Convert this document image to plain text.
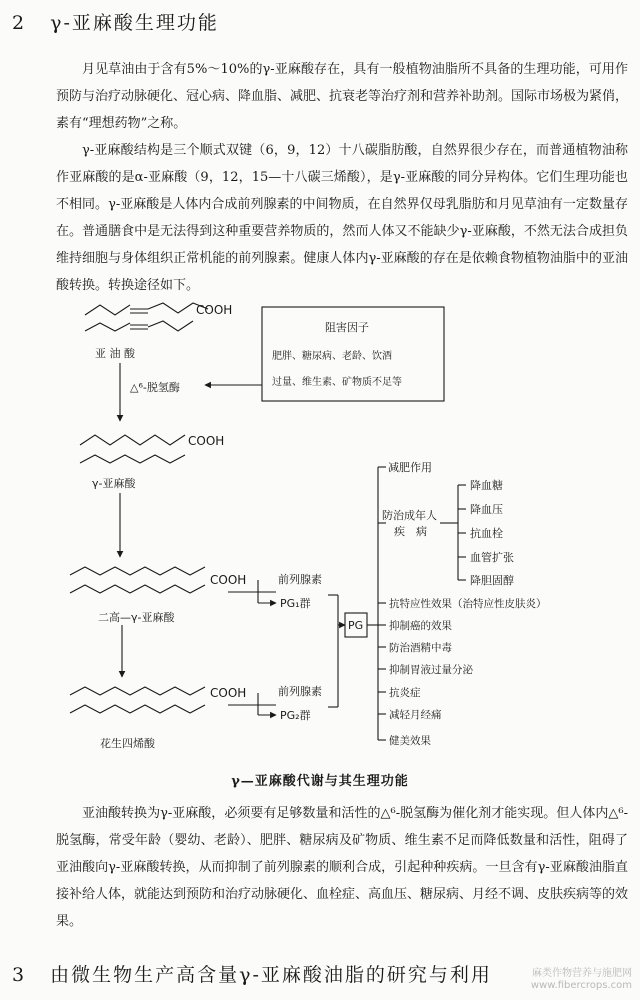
2 γ-亚麻酸生理功能
月见草油由于含有5%～10%的γ-亚麻酸存在，具有一般植物油脂所不具备的生理功能，可用作预防与治疗动脉硬化、冠心病、降血脂、减肥、抗衰老等治疗剂和营养补助剂。国际市场极为紧俏，素有“理想药物”之称。
γ-亚麻酸结构是三个顺式双键（6，9，12）十八碳脂肪酸，自然界很少存在，而普通植物油称作亚麻酸的是α-亚麻酸（9，12，15—十八碳三烯酸），是γ-亚麻酸的同分异构体。它们生理功能也不相同。γ-亚麻酸是人体内合成前列腺素的中间物质，在自然界仅母乳脂肪和月见草油有一定数量存在。普通膳食中是无法得到这种重要营养物质的，然而人体又不能缺少γ-亚麻酸，不然无法合成担负维持细胞与身体组织正常机能的前列腺素。健康人体内γ-亚麻酸的存在是依赖食物植物油脂中的亚油酸转换。转换途径如下。
COOH
亚 油 酸
△⁶-脱氢酶
阻害因子
肥胖、糖尿病、老龄、饮酒
过量、维生素、矿物质不足等
COOH
γ-亚麻酸
COOH
二高—γ-亚麻酸
前列腺素
PG₁群
COOH
花生四烯酸
前列腺素
PG₂群
PG
减肥作用
防治成年人
疾　病
降血糖
降血压
抗血栓
血管扩张
降胆固醇
抗特应性效果（治特应性皮肤炎）
抑制癌的效果
防治酒精中毒
抑制胃液过量分泌
抗炎症
减轻月经痛
健美效果
γ—亚麻酸代谢与其生理功能
亚油酸转换为γ-亚麻酸，必须要有足够数量和活性的△⁶-脱氢酶为催化剂才能实现。但人体内△⁶-脱氢酶，常受年龄（婴幼、老龄）、肥胖、糖尿病及矿物质、维生素不足而降低数量和活性，阻碍了亚油酸向γ-亚麻酸转换，从而抑制了前列腺素的顺利合成，引起种种疾病。一旦含有γ-亚麻酸油脂直接补给人体，就能达到预防和治疗动脉硬化、血栓症、高血压、糖尿病、月经不调、皮肤疾病等的效果。
3 由微生物生产高含量γ-亚麻酸油脂的研究与利用	麻类作物营养与施肥网
www.fibercrops.com
